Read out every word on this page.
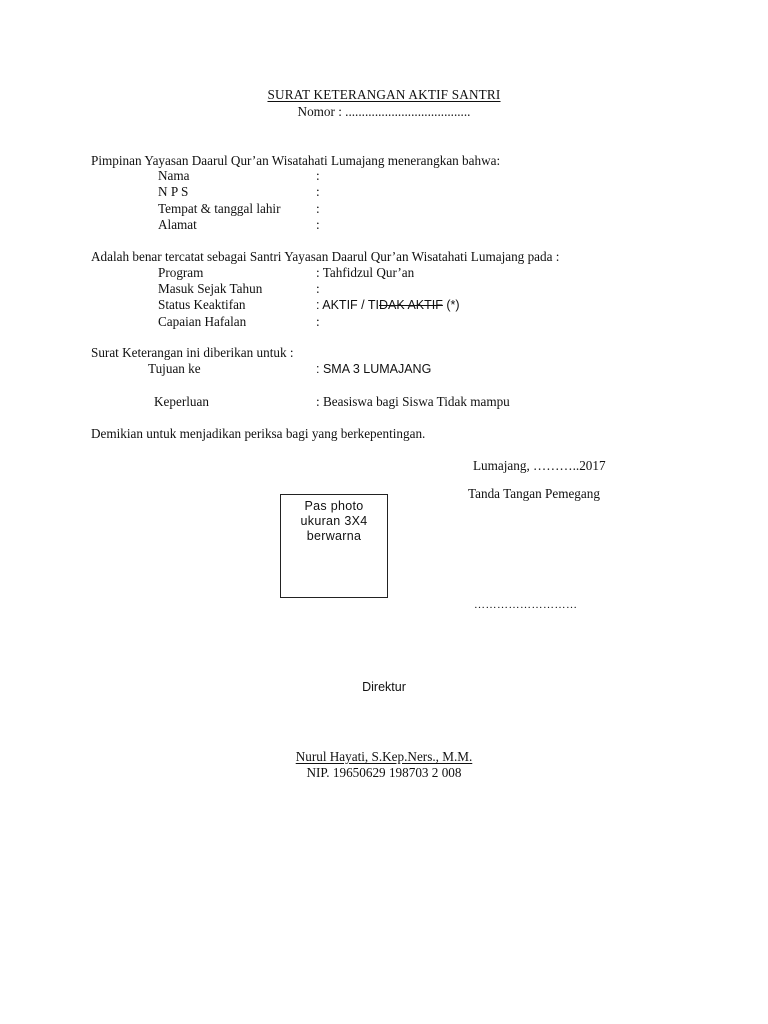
SURAT KETERANGAN AKTIF SANTRI
Nomor : ......................................
Pimpinan Yayasan Daarul Qur’an Wisatahati Lumajang menerangkan bahwa:
Nama	:
N P S	:
Tempat & tanggal lahir	:
Alamat	:
Adalah benar tercatat sebagai Santri Yayasan Daarul Qur’an Wisatahati Lumajang pada :
Program	: Tahfidzul Qur’an
Masuk Sejak Tahun	:
Status Keaktifan	: AKTIF / TIDAK AKTIF (*)
Capaian Hafalan	:
Surat Keterangan ini diberikan untuk :
Tujuan ke	: SMA 3 LUMAJANG
Keperluan	: Beasiswa bagi Siswa Tidak mampu
Demikian untuk menjadikan periksa bagi yang berkepentingan.
Lumajang, ………..2017
Tanda Tangan Pemegang
………………………
Pas photo
ukuran 3X4
berwarna
Direktur
Nurul Hayati, S.Kep.Ners., M.M.
NIP. 19650629 198703 2 008
